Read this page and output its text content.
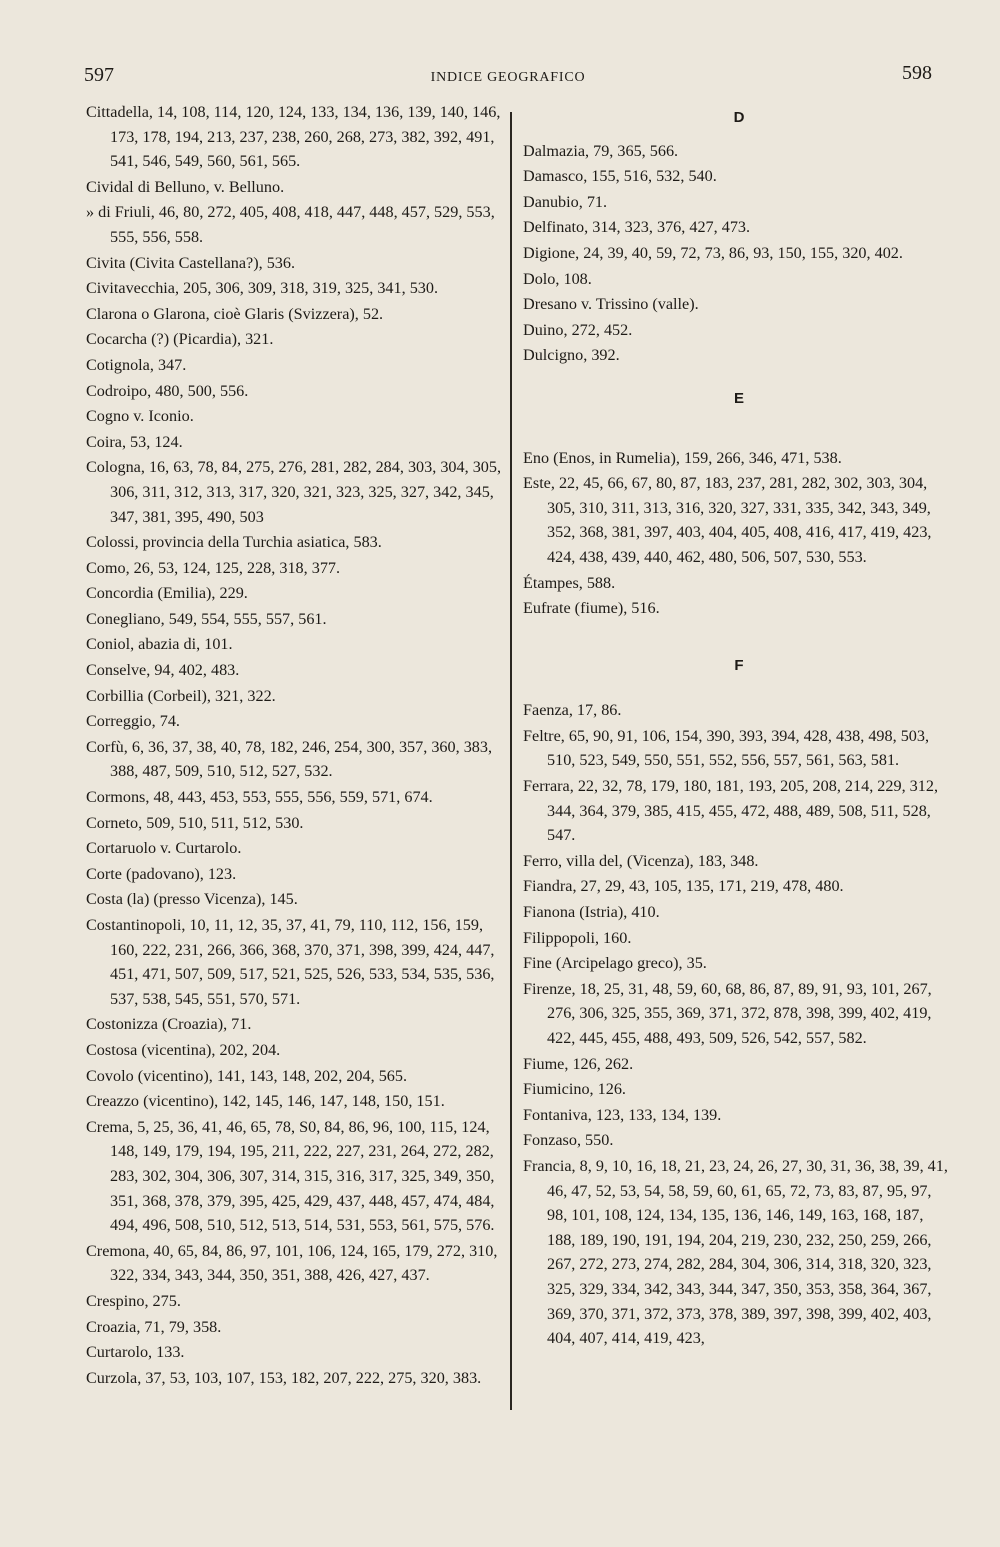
597	INDICE GEOGRAFICO	598
Cittadella, 14, 108, 114, 120, 124, 133, 134, 136, 139, 140, 146, 173, 178, 194, 213, 237, 238, 260, 268, 273, 382, 392, 491, 541, 546, 549, 560, 561, 565.
Cividal di Belluno, v. Belluno.
» di Friuli, 46, 80, 272, 405, 408, 418, 447, 448, 457, 529, 553, 555, 556, 558.
Civita (Civita Castellana?), 536.
Civitavecchia, 205, 306, 309, 318, 319, 325, 341, 530.
Clarona o Glarona, cioè Glaris (Svizzera), 52.
Cocarcha (?) (Picardia), 321.
Cotignola, 347.
Codroipo, 480, 500, 556.
Cogno v. Iconio.
Coira, 53, 124.
Cologna, 16, 63, 78, 84, 275, 276, 281, 282, 284, 303, 304, 305, 306, 311, 312, 313, 317, 320, 321, 323, 325, 327, 342, 345, 347, 381, 395, 490, 503
Colossi, provincia della Turchia asiatica, 583.
Como, 26, 53, 124, 125, 228, 318, 377.
Concordia (Emilia), 229.
Conegliano, 549, 554, 555, 557, 561.
Coniol, abazia di, 101.
Conselve, 94, 402, 483.
Corbillia (Corbeil), 321, 322.
Correggio, 74.
Corfù, 6, 36, 37, 38, 40, 78, 182, 246, 254, 300, 357, 360, 383, 388, 487, 509, 510, 512, 527, 532.
Cormons, 48, 443, 453, 553, 555, 556, 559, 571, 674.
Corneto, 509, 510, 511, 512, 530.
Cortaruolo v. Curtarolo.
Corte (padovano), 123.
Costa (la) (presso Vicenza), 145.
Costantinopoli, 10, 11, 12, 35, 37, 41, 79, 110, 112, 156, 159, 160, 222, 231, 266, 366, 368, 370, 371, 398, 399, 424, 447, 451, 471, 507, 509, 517, 521, 525, 526, 533, 534, 535, 536, 537, 538, 545, 551, 570, 571.
Costonizza (Croazia), 71.
Costosa (vicentina), 202, 204.
Covolo (vicentino), 141, 143, 148, 202, 204, 565.
Creazzo (vicentino), 142, 145, 146, 147, 148, 150, 151.
Crema, 5, 25, 36, 41, 46, 65, 78, S0, 84, 86, 96, 100, 115, 124, 148, 149, 179, 194, 195, 211, 222, 227, 231, 264, 272, 282, 283, 302, 304, 306, 307, 314, 315, 316, 317, 325, 349, 350, 351, 368, 378, 379, 395, 425, 429, 437, 448, 457, 474, 484, 494, 496, 508, 510, 512, 513, 514, 531, 553, 561, 575, 576.
Cremona, 40, 65, 84, 86, 97, 101, 106, 124, 165, 179, 272, 310, 322, 334, 343, 344, 350, 351, 388, 426, 427, 437.
Crespino, 275.
Croazia, 71, 79, 358.
Curtarolo, 133.
Curzola, 37, 53, 103, 107, 153, 182, 207, 222, 275, 320, 383.
D
Dalmazia, 79, 365, 566.
Damasco, 155, 516, 532, 540.
Danubio, 71.
Delfinato, 314, 323, 376, 427, 473.
Digione, 24, 39, 40, 59, 72, 73, 86, 93, 150, 155, 320, 402.
Dolo, 108.
Dresano v. Trissino (valle).
Duino, 272, 452.
Dulcigno, 392.
E
Eno (Enos, in Rumelia), 159, 266, 346, 471, 538.
Este, 22, 45, 66, 67, 80, 87, 183, 237, 281, 282, 302, 303, 304, 305, 310, 311, 313, 316, 320, 327, 331, 335, 342, 343, 349, 352, 368, 381, 397, 403, 404, 405, 408, 416, 417, 419, 423, 424, 438, 439, 440, 462, 480, 506, 507, 530, 553.
Étampes, 588.
Eufrate (fiume), 516.
F
Faenza, 17, 86.
Feltre, 65, 90, 91, 106, 154, 390, 393, 394, 428, 438, 498, 503, 510, 523, 549, 550, 551, 552, 556, 557, 561, 563, 581.
Ferrara, 22, 32, 78, 179, 180, 181, 193, 205, 208, 214, 229, 312, 344, 364, 379, 385, 415, 455, 472, 488, 489, 508, 511, 528, 547.
Ferro, villa del, (Vicenza), 183, 348.
Fiandra, 27, 29, 43, 105, 135, 171, 219, 478, 480.
Fianona (Istria), 410.
Filippopoli, 160.
Fine (Arcipelago greco), 35.
Firenze, 18, 25, 31, 48, 59, 60, 68, 86, 87, 89, 91, 93, 101, 267, 276, 306, 325, 355, 369, 371, 372, 878, 398, 399, 402, 419, 422, 445, 455, 488, 493, 509, 526, 542, 557, 582.
Fiume, 126, 262.
Fiumicino, 126.
Fontaniva, 123, 133, 134, 139.
Fonzaso, 550.
Francia, 8, 9, 10, 16, 18, 21, 23, 24, 26, 27, 30, 31, 36, 38, 39, 41, 46, 47, 52, 53, 54, 58, 59, 60, 61, 65, 72, 73, 83, 87, 95, 97, 98, 101, 108, 124, 134, 135, 136, 146, 149, 163, 168, 187, 188, 189, 190, 191, 194, 204, 219, 230, 232, 250, 259, 266, 267, 272, 273, 274, 282, 284, 304, 306, 314, 318, 320, 323, 325, 329, 334, 342, 343, 344, 347, 350, 353, 358, 364, 367, 369, 370, 371, 372, 373, 378, 389, 397, 398, 399, 402, 403, 404, 407, 414, 419, 423,
